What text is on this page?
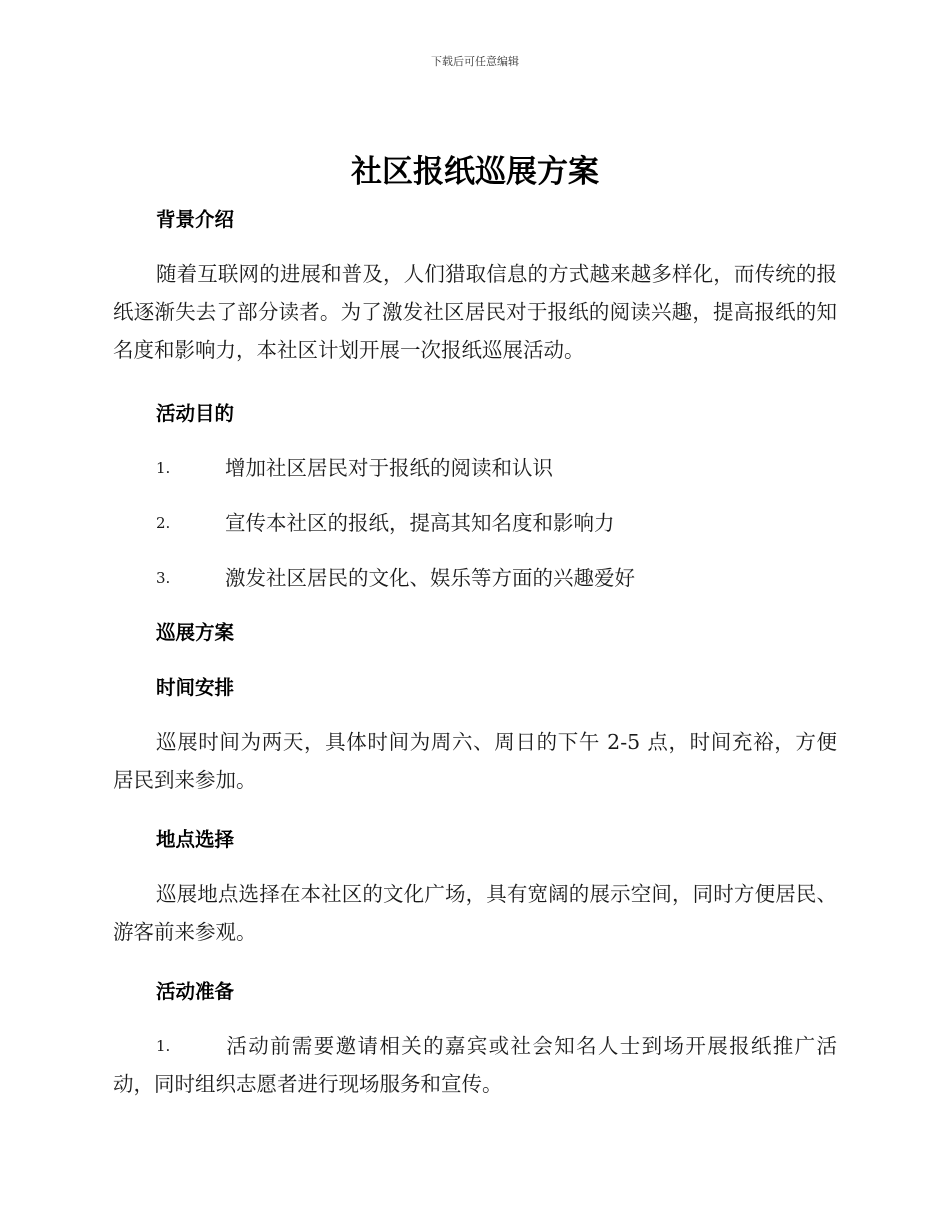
下载后可任意编辑
社区报纸巡展方案
背景介绍

随着互联网的进展和普及，人们猎取信息的方式越来越多样化，而传统的报纸逐渐失去了部分读者。为了激发社区居民对于报纸的阅读兴趣，提高报纸的知名度和影响力，本社区计划开展一次报纸巡展活动。

活动目的
1.	增加社区居民对于报纸的阅读和认识
2.	宣传本社区的报纸，提高其知名度和影响力
3.	激发社区居民的文化、娱乐等方面的兴趣爱好
巡展方案
时间安排

巡展时间为两天，具体时间为周六、周日的下午 2-5 点，时间充裕，方便居民到来参加。

地点选择

巡展地点选择在本社区的文化广场，具有宽阔的展示空间，同时方便居民、游客前来参观。

活动准备
1.	活动前需要邀请相关的嘉宾或社会知名人士到场开展报纸推广活动，同时组织志愿者进行现场服务和宣传。
